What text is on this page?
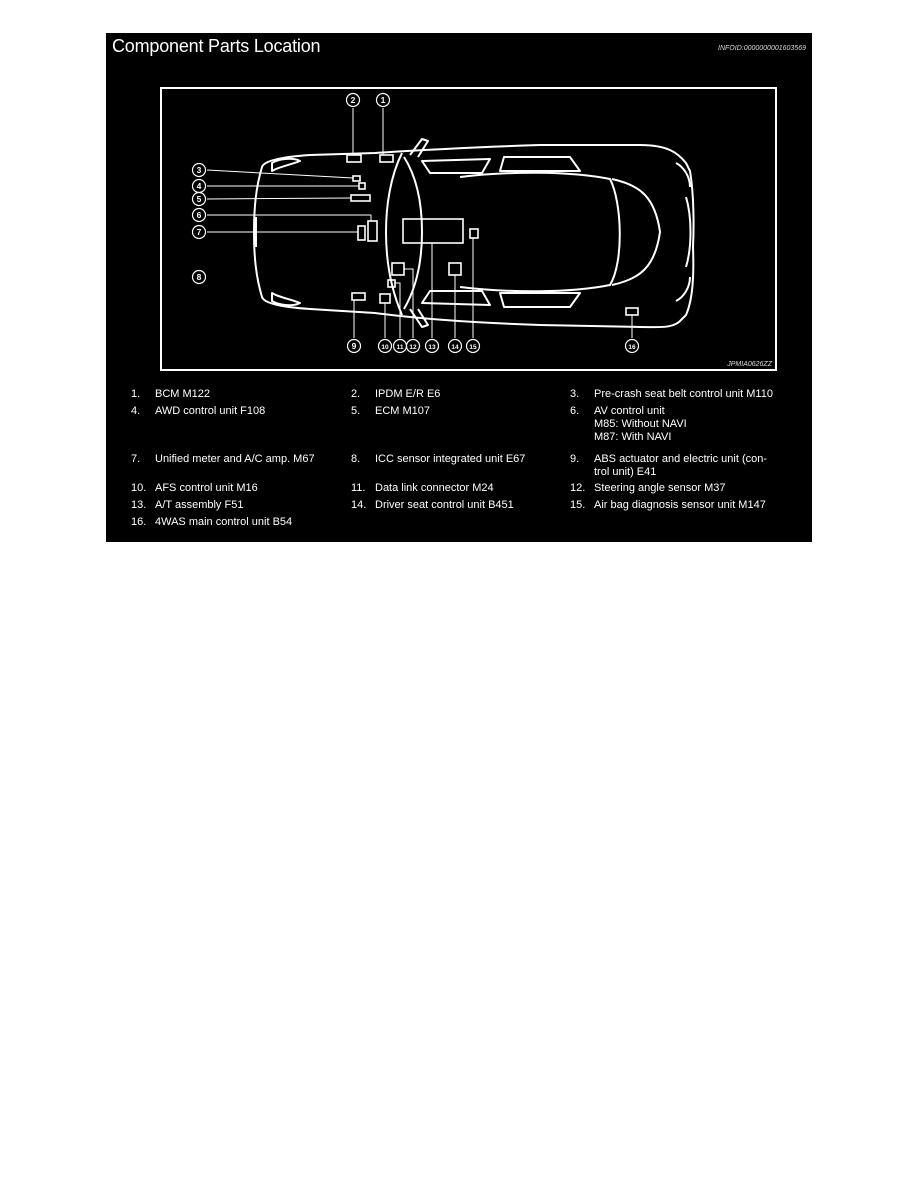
Component Parts Location	INFOID:0000000001603569
1
2
3
4
5
6
7
8
9	10 11 12 13 14 15	16
JPMIA0626ZZ
1. BCM M122	2. IPDM E/R E6	3. Pre-crash seat belt control unit M110
4. AWD control unit F108	5. ECM M107	6. AV control unit
M85: Without NAVI
M87: With NAVI
7. Unified meter and A/C amp. M67	8. ICC sensor integrated unit E67	9. ABS actuator and electric unit (con-
trol unit) E41
10. AFS control unit M16	11. Data link connector M24	12. Steering angle sensor M37
13. A/T assembly F51	14. Driver seat control unit B451	15. Air bag diagnosis sensor unit M147
16. 4WAS main control unit B54
